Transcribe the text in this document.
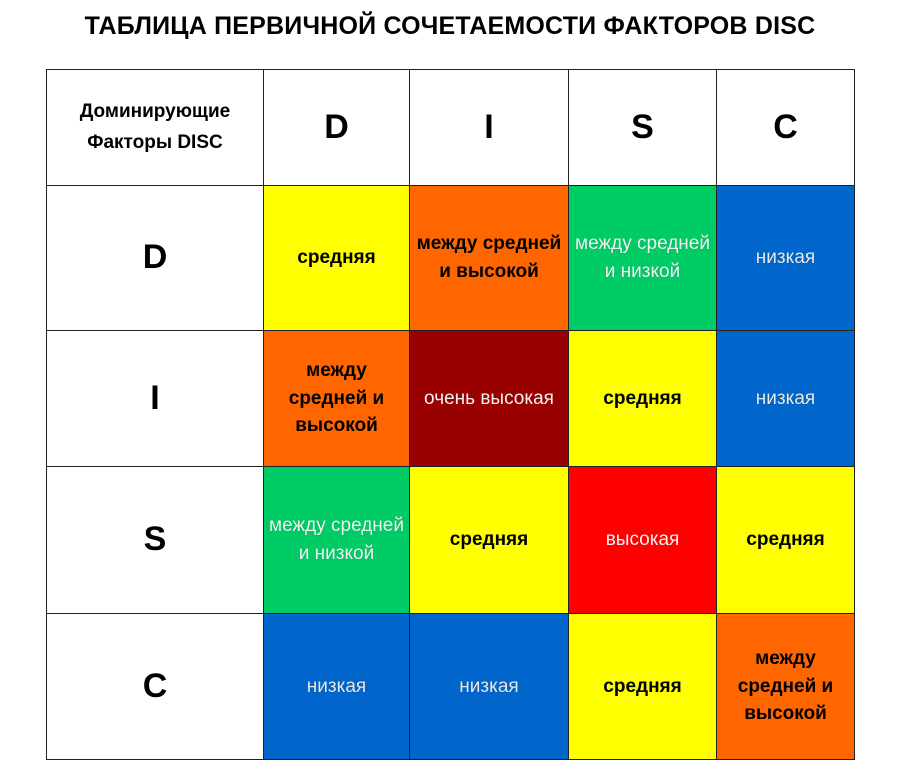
ТАБЛИЦА ПЕРВИЧНОЙ СОЧЕТАЕМОСТИ ФАКТОРОВ DISC
Доминирующие Факторы DISC	D	I	S	C
D	средняя	между средней и высокой	между средней и низкой	низкая
I	между средней и высокой	очень высокая	средняя	низкая
S	между средней и низкой	средняя	высокая	средняя
C	низкая	низкая	средняя	между средней и высокой
